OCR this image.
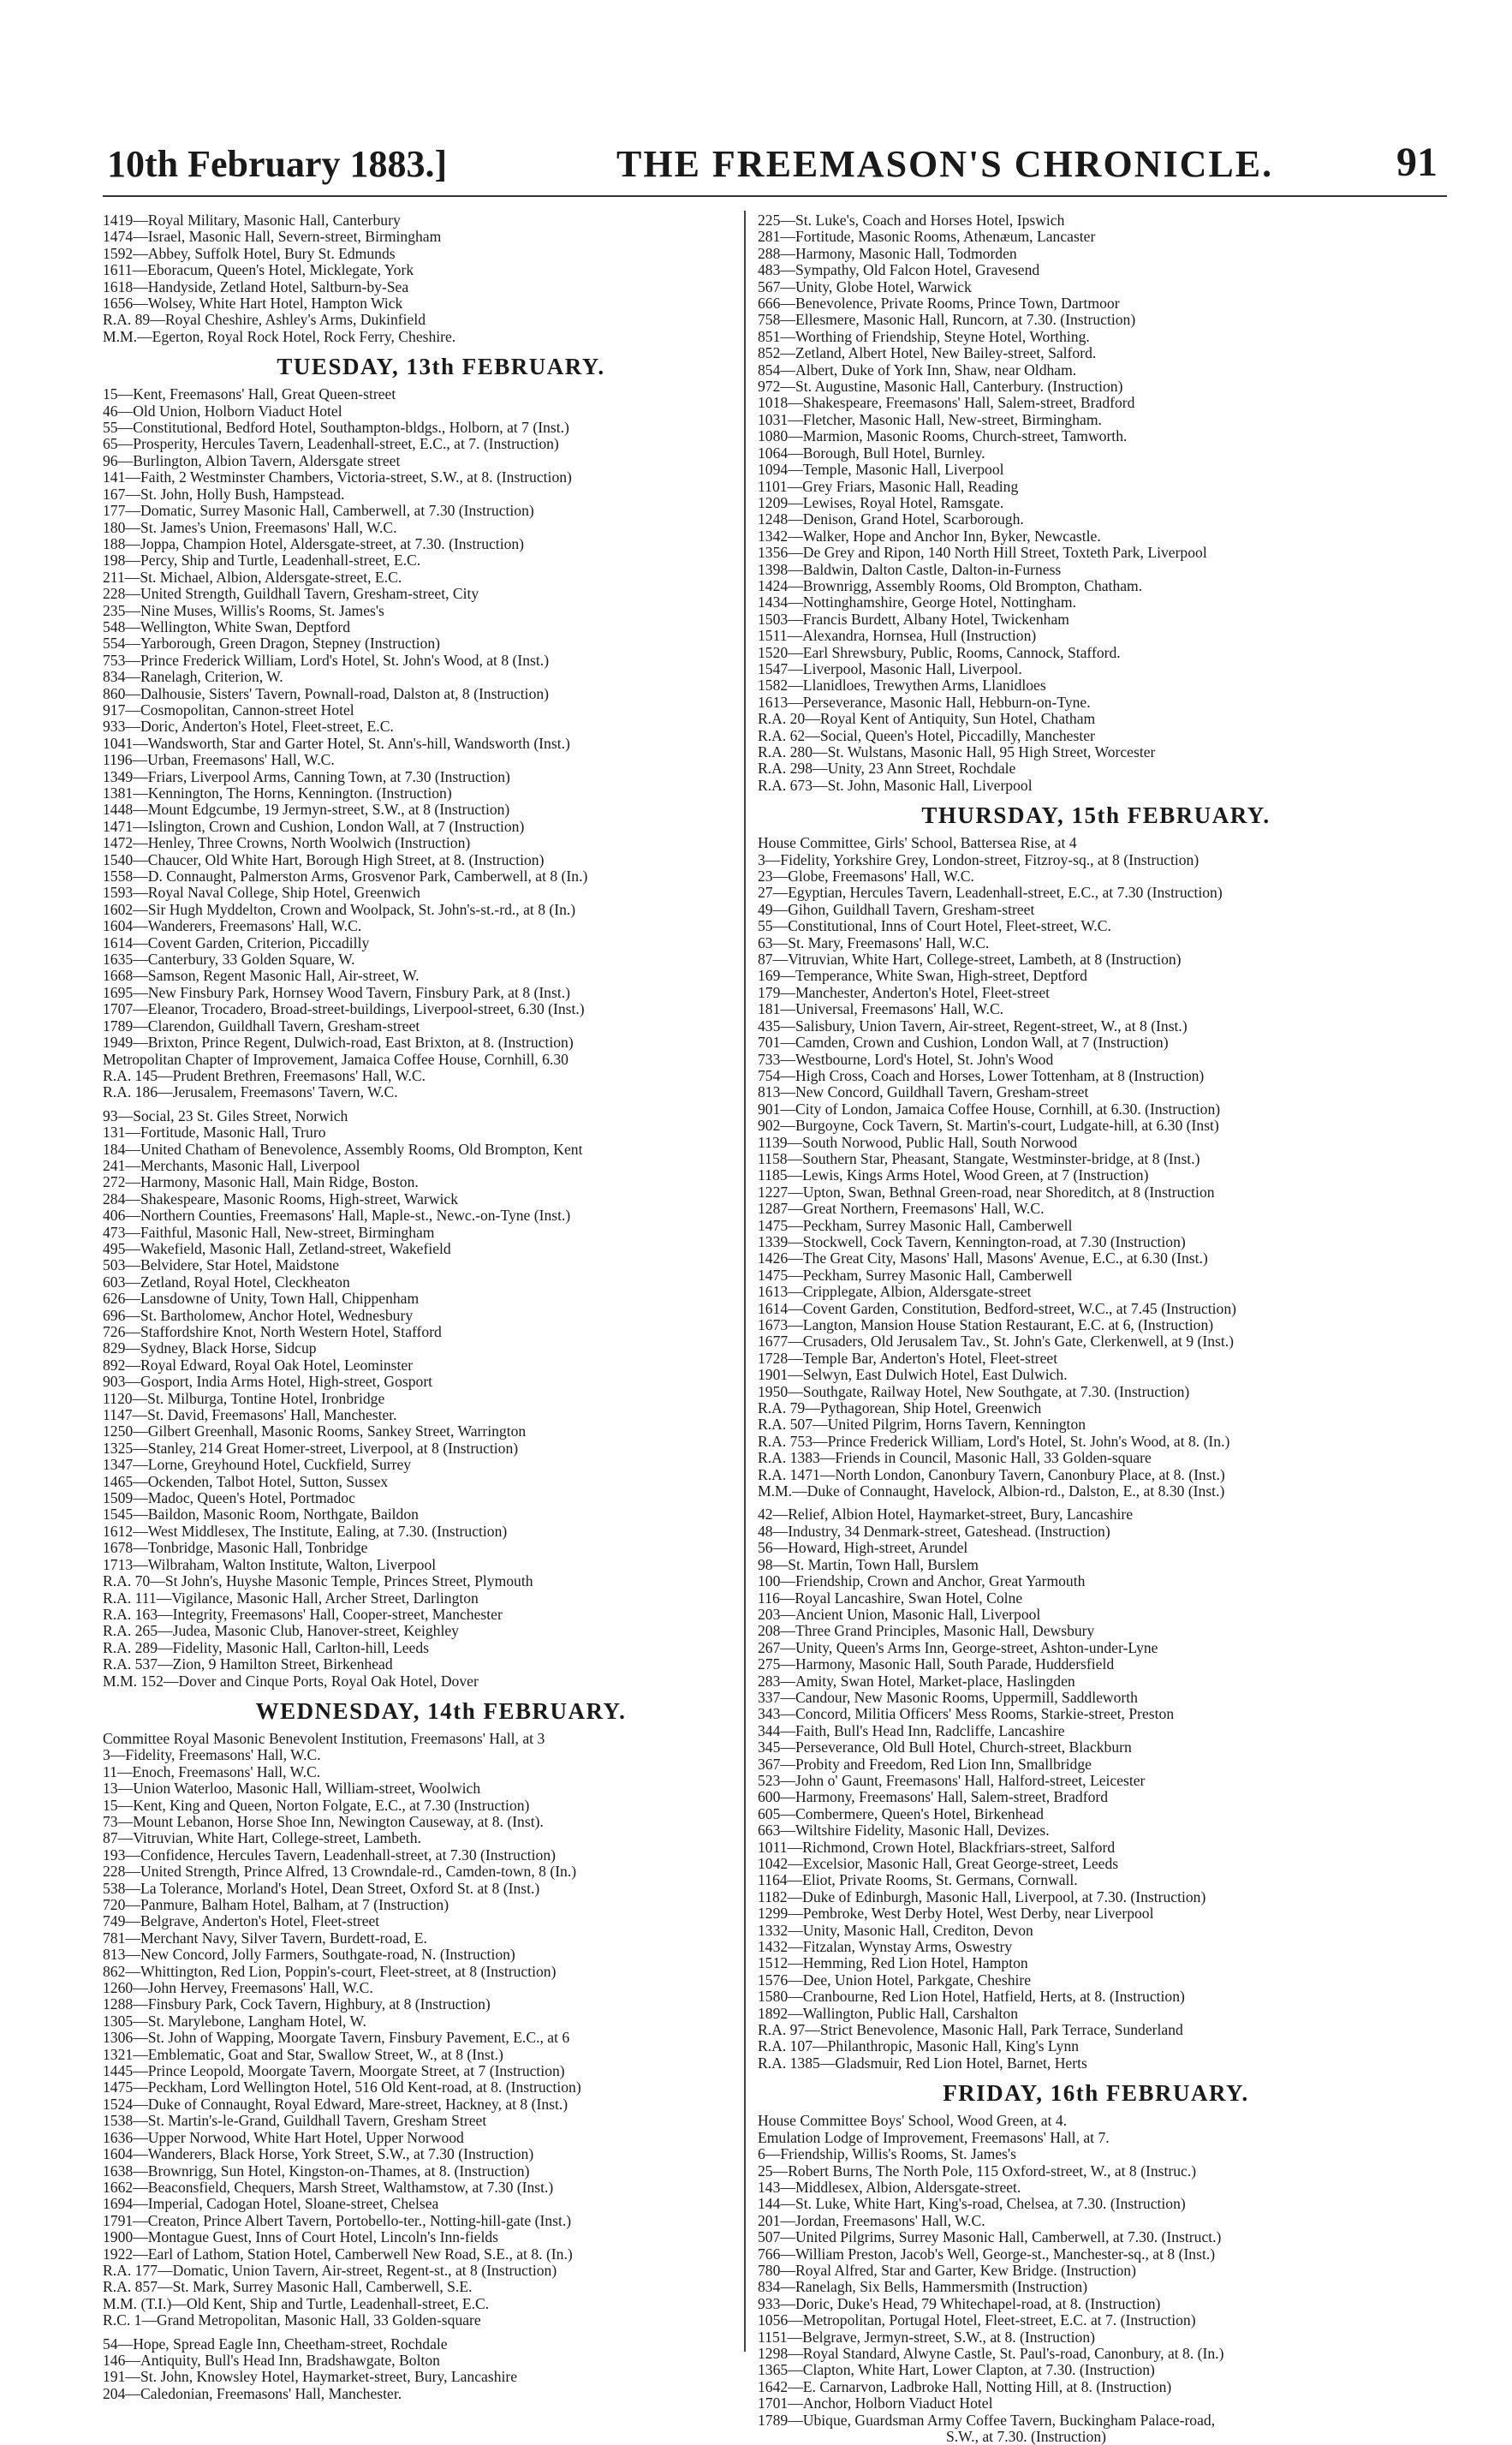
10th February 1883.]	THE FREEMASON'S CHRONICLE.	91
1419—Royal Military, Masonic Hall, Canterbury
1474—Israel, Masonic Hall, Severn-street, Birmingham
1592—Abbey, Suffolk Hotel, Bury St. Edmunds
1611—Eboracum, Queen's Hotel, Micklegate, York
1618—Handyside, Zetland Hotel, Saltburn-by-Sea
1656—Wolsey, White Hart Hotel, Hampton Wick
R.A. 89—Royal Cheshire, Ashley's Arms, Dukinfield
M.M.—Egerton, Royal Rock Hotel, Rock Ferry, Cheshire.
TUESDAY, 13th FEBRUARY.
15—Kent, Freemasons' Hall, Great Queen-street
46—Old Union, Holborn Viaduct Hotel
55—Constitutional, Bedford Hotel, Southampton-bldgs., Holborn, at 7 (Inst.)
65—Prosperity, Hercules Tavern, Leadenhall-street, E.C., at 7. (Instruction)
96—Burlington, Albion Tavern, Aldersgate street
141—Faith, 2 Westminster Chambers, Victoria-street, S.W., at 8. (Instruction)
167—St. John, Holly Bush, Hampstead.
177—Domatic, Surrey Masonic Hall, Camberwell, at 7.30 (Instruction)
180—St. James's Union, Freemasons' Hall, W.C.
188—Joppa, Champion Hotel, Aldersgate-street, at 7.30. (Instruction)
198—Percy, Ship and Turtle, Leadenhall-street, E.C.
211—St. Michael, Albion, Aldersgate-street, E.C.
228—United Strength, Guildhall Tavern, Gresham-street, City
235—Nine Muses, Willis's Rooms, St. James's
548—Wellington, White Swan, Deptford
554—Yarborough, Green Dragon, Stepney (Instruction)
753—Prince Frederick William, Lord's Hotel, St. John's Wood, at 8 (Inst.)
834—Ranelagh, Criterion, W.
860—Dalhousie, Sisters' Tavern, Pownall-road, Dalston at, 8 (Instruction)
917—Cosmopolitan, Cannon-street Hotel
933—Doric, Anderton's Hotel, Fleet-street, E.C.
1041—Wandsworth, Star and Garter Hotel, St. Ann's-hill, Wandsworth (Inst.)
1196—Urban, Freemasons' Hall, W.C.
1349—Friars, Liverpool Arms, Canning Town, at 7.30 (Instruction)
1381—Kennington, The Horns, Kennington. (Instruction)
1448—Mount Edgcumbe, 19 Jermyn-street, S.W., at 8 (Instruction)
1471—Islington, Crown and Cushion, London Wall, at 7 (Instruction)
1472—Henley, Three Crowns, North Woolwich (Instruction)
1540—Chaucer, Old White Hart, Borough High Street, at 8. (Instruction)
1558—D. Connaught, Palmerston Arms, Grosvenor Park, Camberwell, at 8 (In.)
1593—Royal Naval College, Ship Hotel, Greenwich
1602—Sir Hugh Myddelton, Crown and Woolpack, St. John's-st.-rd., at 8 (In.)
1604—Wanderers, Freemasons' Hall, W.C.
1614—Covent Garden, Criterion, Piccadilly
1635—Canterbury, 33 Golden Square, W.
1668—Samson, Regent Masonic Hall, Air-street, W.
1695—New Finsbury Park, Hornsey Wood Tavern, Finsbury Park, at 8 (Inst.)
1707—Eleanor, Trocadero, Broad-street-buildings, Liverpool-street, 6.30 (Inst.)
1789—Clarendon, Guildhall Tavern, Gresham-street
1949—Brixton, Prince Regent, Dulwich-road, East Brixton, at 8. (Instruction)
Metropolitan Chapter of Improvement, Jamaica Coffee House, Cornhill, 6.30
R.A. 145—Prudent Brethren, Freemasons' Hall, W.C.
R.A. 186—Jerusalem, Freemasons' Tavern, W.C.
93—Social, 23 St. Giles Street, Norwich
131—Fortitude, Masonic Hall, Truro
184—United Chatham of Benevolence, Assembly Rooms, Old Brompton, Kent
241—Merchants, Masonic Hall, Liverpool
272—Harmony, Masonic Hall, Main Ridge, Boston.
284—Shakespeare, Masonic Rooms, High-street, Warwick
406—Northern Counties, Freemasons' Hall, Maple-st., Newc.-on-Tyne (Inst.)
473—Faithful, Masonic Hall, New-street, Birmingham
495—Wakefield, Masonic Hall, Zetland-street, Wakefield
503—Belvidere, Star Hotel, Maidstone
603—Zetland, Royal Hotel, Cleckheaton
626—Lansdowne of Unity, Town Hall, Chippenham
696—St. Bartholomew, Anchor Hotel, Wednesbury
726—Staffordshire Knot, North Western Hotel, Stafford
829—Sydney, Black Horse, Sidcup
892—Royal Edward, Royal Oak Hotel, Leominster
903—Gosport, India Arms Hotel, High-street, Gosport
1120—St. Milburga, Tontine Hotel, Ironbridge
1147—St. David, Freemasons' Hall, Manchester.
1250—Gilbert Greenhall, Masonic Rooms, Sankey Street, Warrington
1325—Stanley, 214 Great Homer-street, Liverpool, at 8 (Instruction)
1347—Lorne, Greyhound Hotel, Cuckfield, Surrey
1465—Ockenden, Talbot Hotel, Sutton, Sussex
1509—Madoc, Queen's Hotel, Portmadoc
1545—Baildon, Masonic Room, Northgate, Baildon
1612—West Middlesex, The Institute, Ealing, at 7.30. (Instruction)
1678—Tonbridge, Masonic Hall, Tonbridge
1713—Wilbraham, Walton Institute, Walton, Liverpool
R.A. 70—St John's, Huyshe Masonic Temple, Princes Street, Plymouth
R.A. 111—Vigilance, Masonic Hall, Archer Street, Darlington
R.A. 163—Integrity, Freemasons' Hall, Cooper-street, Manchester
R.A. 265—Judea, Masonic Club, Hanover-street, Keighley
R.A. 289—Fidelity, Masonic Hall, Carlton-hill, Leeds
R.A. 537—Zion, 9 Hamilton Street, Birkenhead
M.M. 152—Dover and Cinque Ports, Royal Oak Hotel, Dover
WEDNESDAY, 14th FEBRUARY.
Committee Royal Masonic Benevolent Institution, Freemasons' Hall, at 3
3—Fidelity, Freemasons' Hall, W.C.
11—Enoch, Freemasons' Hall, W.C.
13—Union Waterloo, Masonic Hall, William-street, Woolwich
15—Kent, King and Queen, Norton Folgate, E.C., at 7.30 (Instruction)
73—Mount Lebanon, Horse Shoe Inn, Newington Causeway, at 8. (Inst).
87—Vitruvian, White Hart, College-street, Lambeth.
193—Confidence, Hercules Tavern, Leadenhall-street, at 7.30 (Instruction)
228—United Strength, Prince Alfred, 13 Crowndale-rd., Camden-town, 8 (In.)
538—La Tolerance, Morland's Hotel, Dean Street, Oxford St. at 8 (Inst.)
720—Panmure, Balham Hotel, Balham, at 7 (Instruction)
749—Belgrave, Anderton's Hotel, Fleet-street
781—Merchant Navy, Silver Tavern, Burdett-road, E.
813—New Concord, Jolly Farmers, Southgate-road, N. (Instruction)
862—Whittington, Red Lion, Poppin's-court, Fleet-street, at 8 (Instruction)
1260—John Hervey, Freemasons' Hall, W.C.
1288—Finsbury Park, Cock Tavern, Highbury, at 8 (Instruction)
1305—St. Marylebone, Langham Hotel, W.
1306—St. John of Wapping, Moorgate Tavern, Finsbury Pavement, E.C., at 6
1321—Emblematic, Goat and Star, Swallow Street, W., at 8 (Inst.)
1445—Prince Leopold, Moorgate Tavern, Moorgate Street, at 7 (Instruction)
1475—Peckham, Lord Wellington Hotel, 516 Old Kent-road, at 8. (Instruction)
1524—Duke of Connaught, Royal Edward, Mare-street, Hackney, at 8 (Inst.)
1538—St. Martin's-le-Grand, Guildhall Tavern, Gresham Street
1636—Upper Norwood, White Hart Hotel, Upper Norwood
1604—Wanderers, Black Horse, York Street, S.W., at 7.30 (Instruction)
1638—Brownrigg, Sun Hotel, Kingston-on-Thames, at 8. (Instruction)
1662—Beaconsfield, Chequers, Marsh Street, Walthamstow, at 7.30 (Inst.)
1694—Imperial, Cadogan Hotel, Sloane-street, Chelsea
1791—Creaton, Prince Albert Tavern, Portobello-ter., Notting-hill-gate (Inst.)
1900—Montague Guest, Inns of Court Hotel, Lincoln's Inn-fields
1922—Earl of Lathom, Station Hotel, Camberwell New Road, S.E., at 8. (In.)
R.A. 177—Domatic, Union Tavern, Air-street, Regent-st., at 8 (Instruction)
R.A. 857—St. Mark, Surrey Masonic Hall, Camberwell, S.E.
M.M. (T.I.)—Old Kent, Ship and Turtle, Leadenhall-street, E.C.
R.C. 1—Grand Metropolitan, Masonic Hall, 33 Golden-square
54—Hope, Spread Eagle Inn, Cheetham-street, Rochdale
146—Antiquity, Bull's Head Inn, Bradshawgate, Bolton
191—St. John, Knowsley Hotel, Haymarket-street, Bury, Lancashire
204—Caledonian, Freemasons' Hall, Manchester.
225—St. Luke's, Coach and Horses Hotel, Ipswich
281—Fortitude, Masonic Rooms, Athenæum, Lancaster
288—Harmony, Masonic Hall, Todmorden
483—Sympathy, Old Falcon Hotel, Gravesend
567—Unity, Globe Hotel, Warwick
666—Benevolence, Private Rooms, Prince Town, Dartmoor
758—Ellesmere, Masonic Hall, Runcorn, at 7.30. (Instruction)
851—Worthing of Friendship, Steyne Hotel, Worthing.
852—Zetland, Albert Hotel, New Bailey-street, Salford.
854—Albert, Duke of York Inn, Shaw, near Oldham.
972—St. Augustine, Masonic Hall, Canterbury. (Instruction)
1018—Shakespeare, Freemasons' Hall, Salem-street, Bradford
1031—Fletcher, Masonic Hall, New-street, Birmingham.
1080—Marmion, Masonic Rooms, Church-street, Tamworth.
1064—Borough, Bull Hotel, Burnley.
1094—Temple, Masonic Hall, Liverpool
1101—Grey Friars, Masonic Hall, Reading
1209—Lewises, Royal Hotel, Ramsgate.
1248—Denison, Grand Hotel, Scarborough.
1342—Walker, Hope and Anchor Inn, Byker, Newcastle.
1356—De Grey and Ripon, 140 North Hill Street, Toxteth Park, Liverpool
1398—Baldwin, Dalton Castle, Dalton-in-Furness
1424—Brownrigg, Assembly Rooms, Old Brompton, Chatham.
1434—Nottinghamshire, George Hotel, Nottingham.
1503—Francis Burdett, Albany Hotel, Twickenham
1511—Alexandra, Hornsea, Hull (Instruction)
1520—Earl Shrewsbury, Public, Rooms, Cannock, Stafford.
1547—Liverpool, Masonic Hall, Liverpool.
1582—Llanidloes, Trewythen Arms, Llanidloes
1613—Perseverance, Masonic Hall, Hebburn-on-Tyne.
R.A. 20—Royal Kent of Antiquity, Sun Hotel, Chatham
R.A. 62—Social, Queen's Hotel, Piccadilly, Manchester
R.A. 280—St. Wulstans, Masonic Hall, 95 High Street, Worcester
R.A. 298—Unity, 23 Ann Street, Rochdale
R.A. 673—St. John, Masonic Hall, Liverpool
THURSDAY, 15th FEBRUARY.
House Committee, Girls' School, Battersea Rise, at 4
3—Fidelity, Yorkshire Grey, London-street, Fitzroy-sq., at 8 (Instruction)
23—Globe, Freemasons' Hall, W.C.
27—Egyptian, Hercules Tavern, Leadenhall-street, E.C., at 7.30 (Instruction)
49—Gihon, Guildhall Tavern, Gresham-street
55—Constitutional, Inns of Court Hotel, Fleet-street, W.C.
63—St. Mary, Freemasons' Hall, W.C.
87—Vitruvian, White Hart, College-street, Lambeth, at 8 (Instruction)
169—Temperance, White Swan, High-street, Deptford
179—Manchester, Anderton's Hotel, Fleet-street
181—Universal, Freemasons' Hall, W.C.
435—Salisbury, Union Tavern, Air-street, Regent-street, W., at 8 (Inst.)
701—Camden, Crown and Cushion, London Wall, at 7 (Instruction)
733—Westbourne, Lord's Hotel, St. John's Wood
754—High Cross, Coach and Horses, Lower Tottenham, at 8 (Instruction)
813—New Concord, Guildhall Tavern, Gresham-street
901—City of London, Jamaica Coffee House, Cornhill, at 6.30. (Instruction)
902—Burgoyne, Cock Tavern, St. Martin's-court, Ludgate-hill, at 6.30 (Inst)
1139—South Norwood, Public Hall, South Norwood
1158—Southern Star, Pheasant, Stangate, Westminster-bridge, at 8 (Inst.)
1185—Lewis, Kings Arms Hotel, Wood Green, at 7 (Instruction)
1227—Upton, Swan, Bethnal Green-road, near Shoreditch, at 8 (Instruction
1287—Great Northern, Freemasons' Hall, W.C.
1475—Peckham, Surrey Masonic Hall, Camberwell
1339—Stockwell, Cock Tavern, Kennington-road, at 7.30 (Instruction)
1426—The Great City, Masons' Hall, Masons' Avenue, E.C., at 6.30 (Inst.)
1475—Peckham, Surrey Masonic Hall, Camberwell
1613—Cripplegate, Albion, Aldersgate-street
1614—Covent Garden, Constitution, Bedford-street, W.C., at 7.45 (Instruction)
1673—Langton, Mansion House Station Restaurant, E.C. at 6, (Instruction)
1677—Crusaders, Old Jerusalem Tav., St. John's Gate, Clerkenwell, at 9 (Inst.)
1728—Temple Bar, Anderton's Hotel, Fleet-street
1901—Selwyn, East Dulwich Hotel, East Dulwich.
1950—Southgate, Railway Hotel, New Southgate, at 7.30. (Instruction)
R.A. 79—Pythagorean, Ship Hotel, Greenwich
R.A. 507—United Pilgrim, Horns Tavern, Kennington
R.A. 753—Prince Frederick William, Lord's Hotel, St. John's Wood, at 8. (In.)
R.A. 1383—Friends in Council, Masonic Hall, 33 Golden-square
R.A. 1471—North London, Canonbury Tavern, Canonbury Place, at 8. (Inst.)
M.M.—Duke of Connaught, Havelock, Albion-rd., Dalston, E., at 8.30 (Inst.)
42—Relief, Albion Hotel, Haymarket-street, Bury, Lancashire
48—Industry, 34 Denmark-street, Gateshead. (Instruction)
56—Howard, High-street, Arundel
98—St. Martin, Town Hall, Burslem
100—Friendship, Crown and Anchor, Great Yarmouth
116—Royal Lancashire, Swan Hotel, Colne
203—Ancient Union, Masonic Hall, Liverpool
208—Three Grand Principles, Masonic Hall, Dewsbury
267—Unity, Queen's Arms Inn, George-street, Ashton-under-Lyne
275—Harmony, Masonic Hall, South Parade, Huddersfield
283—Amity, Swan Hotel, Market-place, Haslingden
337—Candour, New Masonic Rooms, Uppermill, Saddleworth
343—Concord, Militia Officers' Mess Rooms, Starkie-street, Preston
344—Faith, Bull's Head Inn, Radcliffe, Lancashire
345—Perseverance, Old Bull Hotel, Church-street, Blackburn
367—Probity and Freedom, Red Lion Inn, Smallbridge
523—John o' Gaunt, Freemasons' Hall, Halford-street, Leicester
600—Harmony, Freemasons' Hall, Salem-street, Bradford
605—Combermere, Queen's Hotel, Birkenhead
663—Wiltshire Fidelity, Masonic Hall, Devizes.
1011—Richmond, Crown Hotel, Blackfriars-street, Salford
1042—Excelsior, Masonic Hall, Great George-street, Leeds
1164—Eliot, Private Rooms, St. Germans, Cornwall.
1182—Duke of Edinburgh, Masonic Hall, Liverpool, at 7.30. (Instruction)
1299—Pembroke, West Derby Hotel, West Derby, near Liverpool
1332—Unity, Masonic Hall, Crediton, Devon
1432—Fitzalan, Wynstay Arms, Oswestry
1512—Hemming, Red Lion Hotel, Hampton
1576—Dee, Union Hotel, Parkgate, Cheshire
1580—Cranbourne, Red Lion Hotel, Hatfield, Herts, at 8. (Instruction)
1892—Wallington, Public Hall, Carshalton
R.A. 97—Strict Benevolence, Masonic Hall, Park Terrace, Sunderland
R.A. 107—Philanthropic, Masonic Hall, King's Lynn
R.A. 1385—Gladsmuir, Red Lion Hotel, Barnet, Herts
FRIDAY, 16th FEBRUARY.
House Committee Boys' School, Wood Green, at 4.
Emulation Lodge of Improvement, Freemasons' Hall, at 7.
6—Friendship, Willis's Rooms, St. James's
25—Robert Burns, The North Pole, 115 Oxford-street, W., at 8 (Instruc.)
143—Middlesex, Albion, Aldersgate-street.
144—St. Luke, White Hart, King's-road, Chelsea, at 7.30. (Instruction)
201—Jordan, Freemasons' Hall, W.C.
507—United Pilgrims, Surrey Masonic Hall, Camberwell, at 7.30. (Instruct.)
766—William Preston, Jacob's Well, George-st., Manchester-sq., at 8 (Inst.)
780—Royal Alfred, Star and Garter, Kew Bridge. (Instruction)
834—Ranelagh, Six Bells, Hammersmith (Instruction)
933—Doric, Duke's Head, 79 Whitechapel-road, at 8. (Instruction)
1056—Metropolitan, Portugal Hotel, Fleet-street, E.C. at 7. (Instruction)
1151—Belgrave, Jermyn-street, S.W., at 8. (Instruction)
1298—Royal Standard, Alwyne Castle, St. Paul's-road, Canonbury, at 8. (In.)
1365—Clapton, White Hart, Lower Clapton, at 7.30. (Instruction)
1642—E. Carnarvon, Ladbroke Hall, Notting Hill, at 8. (Instruction)
1701—Anchor, Holborn Viaduct Hotel
1789—Ubique, Guardsman Army Coffee Tavern, Buckingham Palace-road,
S.W., at 7.30. (Instruction)
